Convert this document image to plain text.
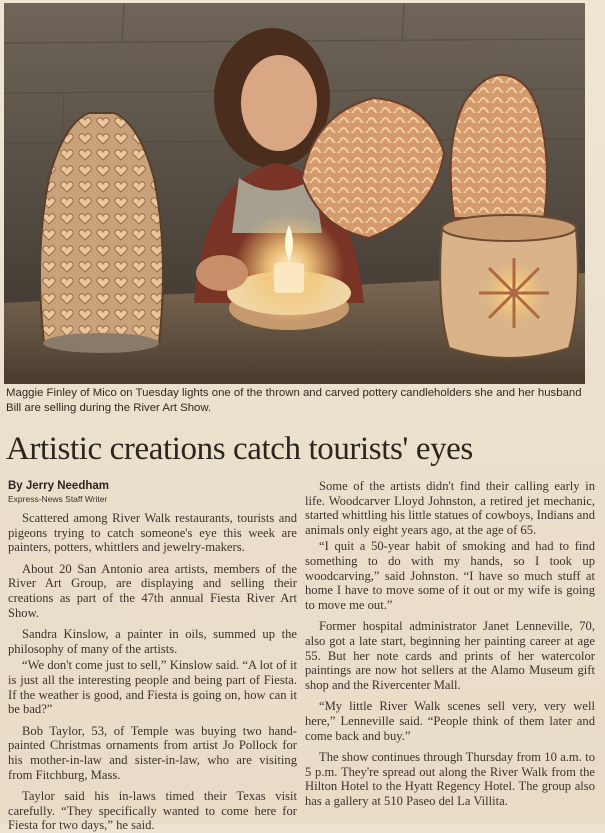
Maggie Finley of Mico on Tuesday lights one of the thrown and carved pottery candleholders she and her husband Bill are selling during the River Art Show.
Artistic creations catch tourists' eyes
By Jerry Needham
Express-News Staff Writer

Scattered among River Walk restaurants, tourists and pigeons trying to catch someone's eye this week are painters, potters, whittlers and jewelry-makers.

About 20 San Antonio area artists, members of the River Art Group, are displaying and selling their creations as part of the 47th annual Fiesta River Art Show.

Sandra Kinslow, a painter in oils, summed up the philosophy of many of the artists.

“We don't come just to sell,” Kinslow said. “A lot of it is just all the interesting people and being part of Fiesta. If the weather is good, and Fiesta is going on, how can it be bad?”

Bob Taylor, 53, of Temple was buying two hand-painted Christmas ornaments from artist Jo Pollock for his mother-in-law and sister-in-law, who are visiting from Fitchburg, Mass.

Taylor said his in-laws timed their Texas visit carefully. “They specifically wanted to come here for Fiesta for two days,” he said.

Some of the artists didn't find their calling early in life. Woodcarver Lloyd Johnston, a retired jet mechanic, started whittling his little statues of cowboys, Indians and animals only eight years ago, at the age of 65.

“I quit a 50-year habit of smoking and had to find something to do with my hands, so I took up woodcarving,” said Johnston. “I have so much stuff at home I have to move some of it out or my wife is going to move me out.”

Former hospital administrator Janet Lenneville, 70, also got a late start, beginning her painting career at age 55. But her note cards and prints of her watercolor paintings are now hot sellers at the Alamo Museum gift shop and the Rivercenter Mall.

“My little River Walk scenes sell very, very well here,” Lenneville said. “People think of them later and come back and buy.”

The show continues through Thursday from 10 a.m. to 5 p.m. They're spread out along the River Walk from the Hilton Hotel to the Hyatt Regency Hotel. The group also has a gallery at 510 Paseo del La Villita.
